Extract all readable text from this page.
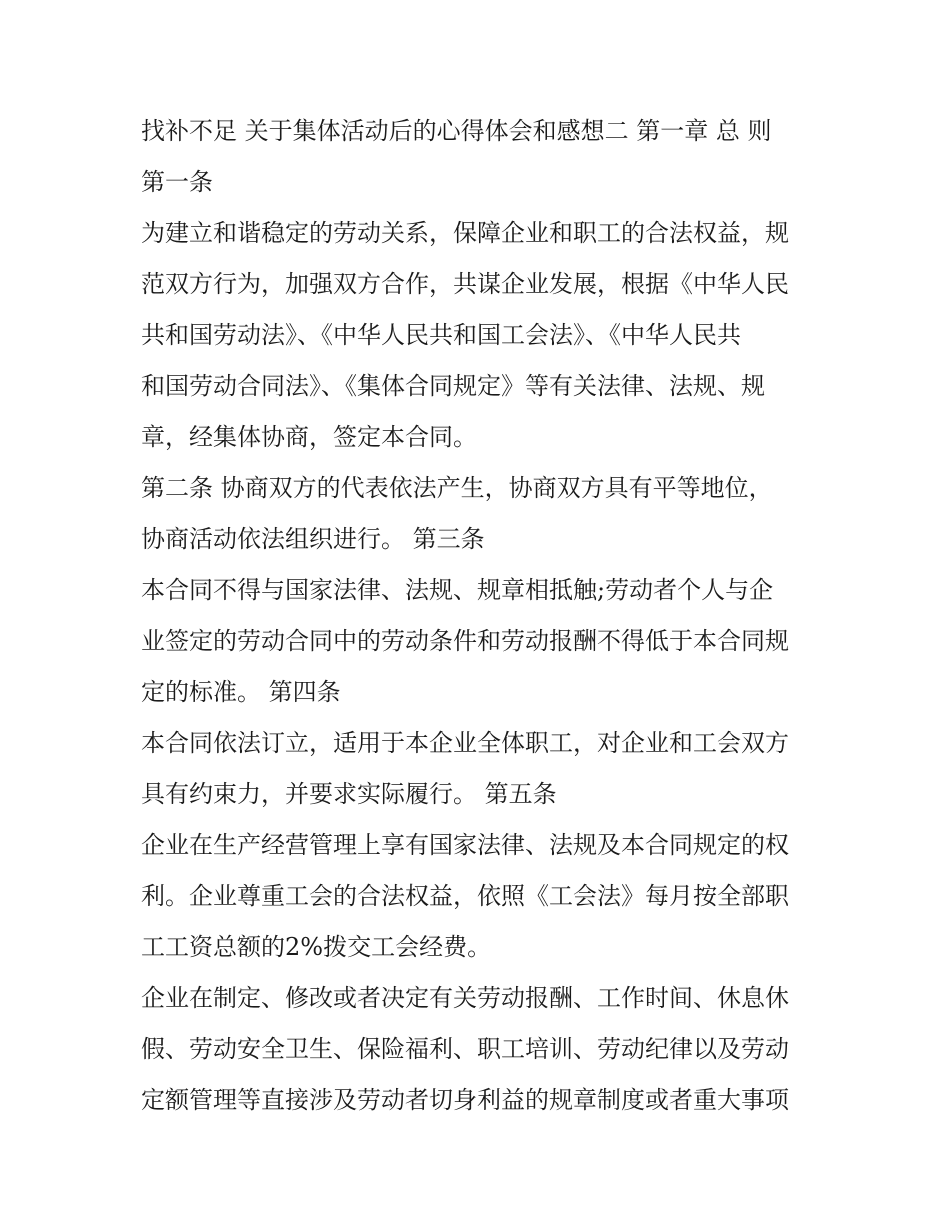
找补不足 关于集体活动后的心得体会和感想二 第一章 总 则
第一条
为建立和谐稳定的劳动关系，保障企业和职工的合法权益，规
范双方行为，加强双方合作，共谋企业发展，根据《中华人民
共和国劳动法》、《中华人民共和国工会法》、《中华人民共
和国劳动合同法》、《集体合同规定》等有关法律、法规、规
章，经集体协商，签定本合同。
第二条 协商双方的代表依法产生，协商双方具有平等地位，
协商活动依法组织进行。 第三条
本合同不得与国家法律、法规、规章相抵触;劳动者个人与企
业签定的劳动合同中的劳动条件和劳动报酬不得低于本合同规
定的标准。 第四条
本合同依法订立，适用于本企业全体职工，对企业和工会双方
具有约束力，并要求实际履行。 第五条
企业在生产经营管理上享有国家法律、法规及本合同规定的权
利。企业尊重工会的合法权益，依照《工会法》每月按全部职
工工资总额的2%拨交工会经费。
企业在制定、修改或者决定有关劳动报酬、工作时间、休息休
假、劳动安全卫生、保险福利、职工培训、劳动纪律以及劳动
定额管理等直接涉及劳动者切身利益的规章制度或者重大事项
